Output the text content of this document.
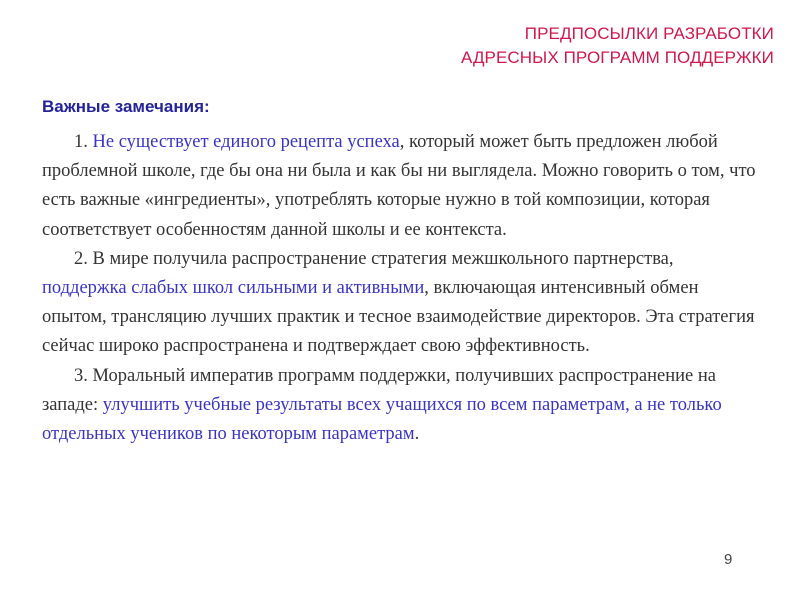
ПРЕДПОСЫЛКИ РАЗРАБОТКИ
АДРЕСНЫХ ПРОГРАММ ПОДДЕРЖКИ
Важные замечания:

1. Не существует единого рецепта успеха, который может быть предложен любой проблемной школе, где бы она ни была и как бы ни выглядела. Можно говорить о том, что есть важные «ингредиенты», употреблять которые нужно в той композиции, которая соответствует особенностям данной школы и ее контекста.

2. В мире получила распространение стратегия межшкольного партнерства, поддержка слабых школ сильными и активными, включающая интенсивный обмен опытом, трансляцию лучших практик и тесное взаимодействие директоров. Эта стратегия сейчас широко распространена и подтверждает свою эффективность.

3. Моральный императив программ поддержки, получивших распространение на западе: улучшить учебные результаты всех учащихся по всем параметрам, а не только отдельных учеников по некоторым параметрам.

9
